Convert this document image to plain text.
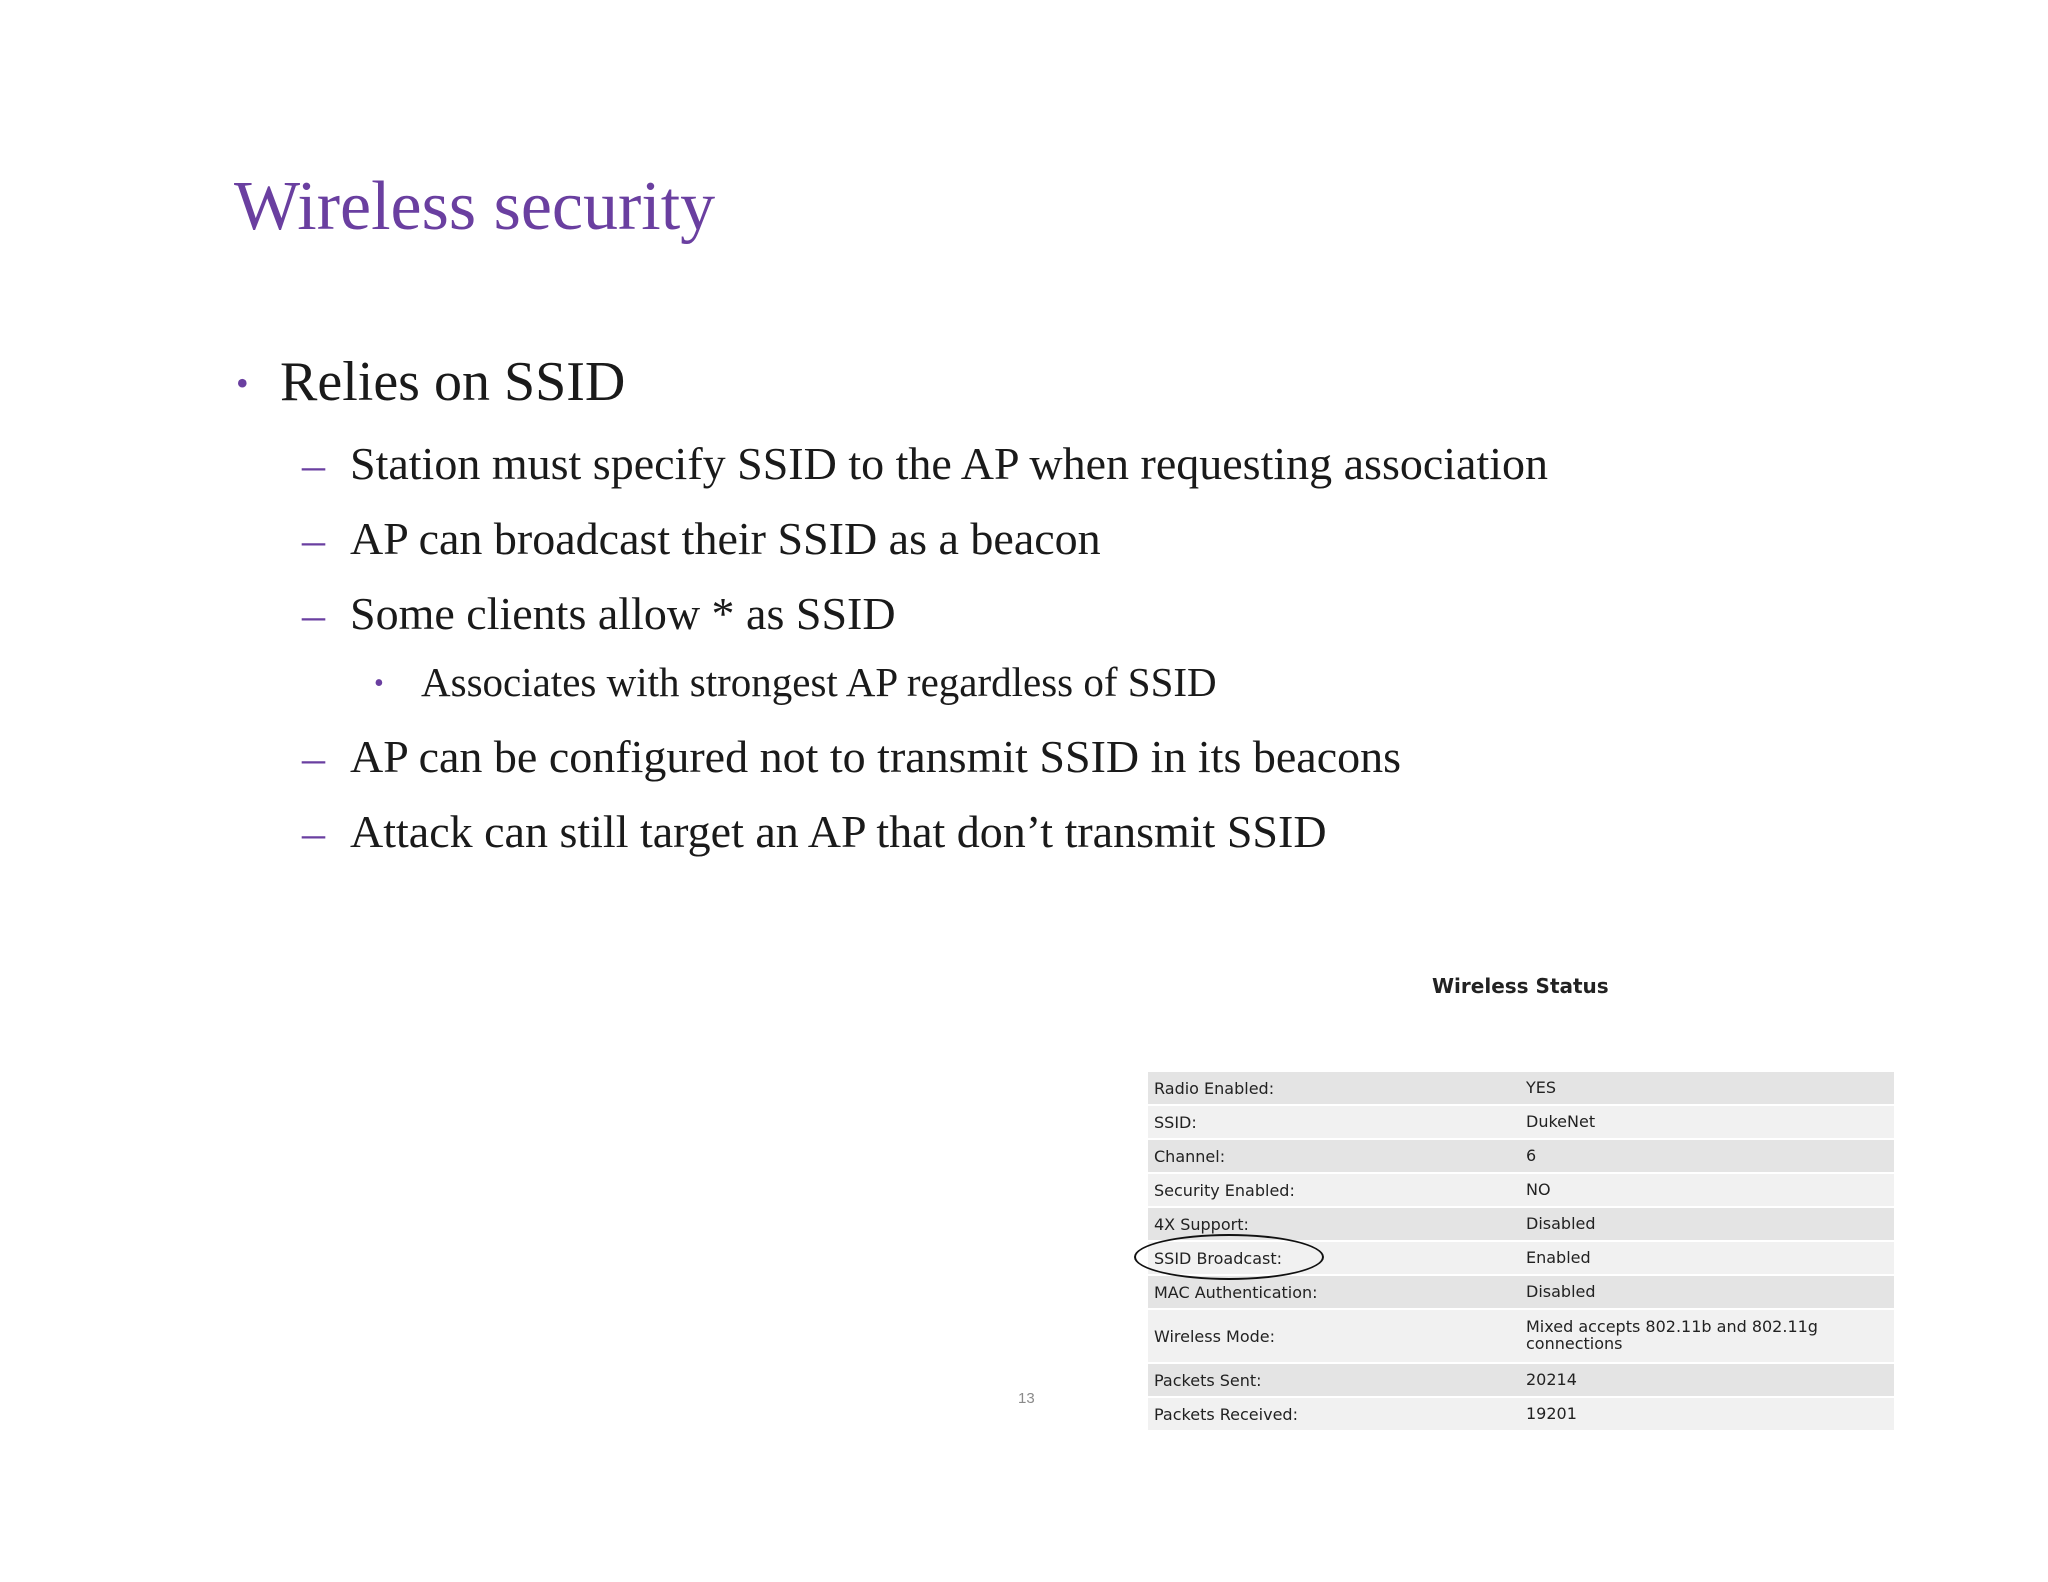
Wireless security
• Relies on SSID
– Station must specify SSID to the AP when requesting association
– AP can broadcast their SSID as a beacon
– Some clients allow * as SSID
• Associates with strongest AP regardless of SSID
– AP can be configured not to transmit SSID in its beacons
– Attack can still target an AP that don’t transmit SSID
13
Wireless Status
Radio Enabled:	YES
SSID:	DukeNet
Channel:	6
Security Enabled:	NO
4X Support:	Disabled
SSID Broadcast:	Enabled
MAC Authentication:	Disabled
Wireless Mode:	Mixed accepts 802.11b and 802.11g connections
Packets Sent:	20214
Packets Received:	19201
